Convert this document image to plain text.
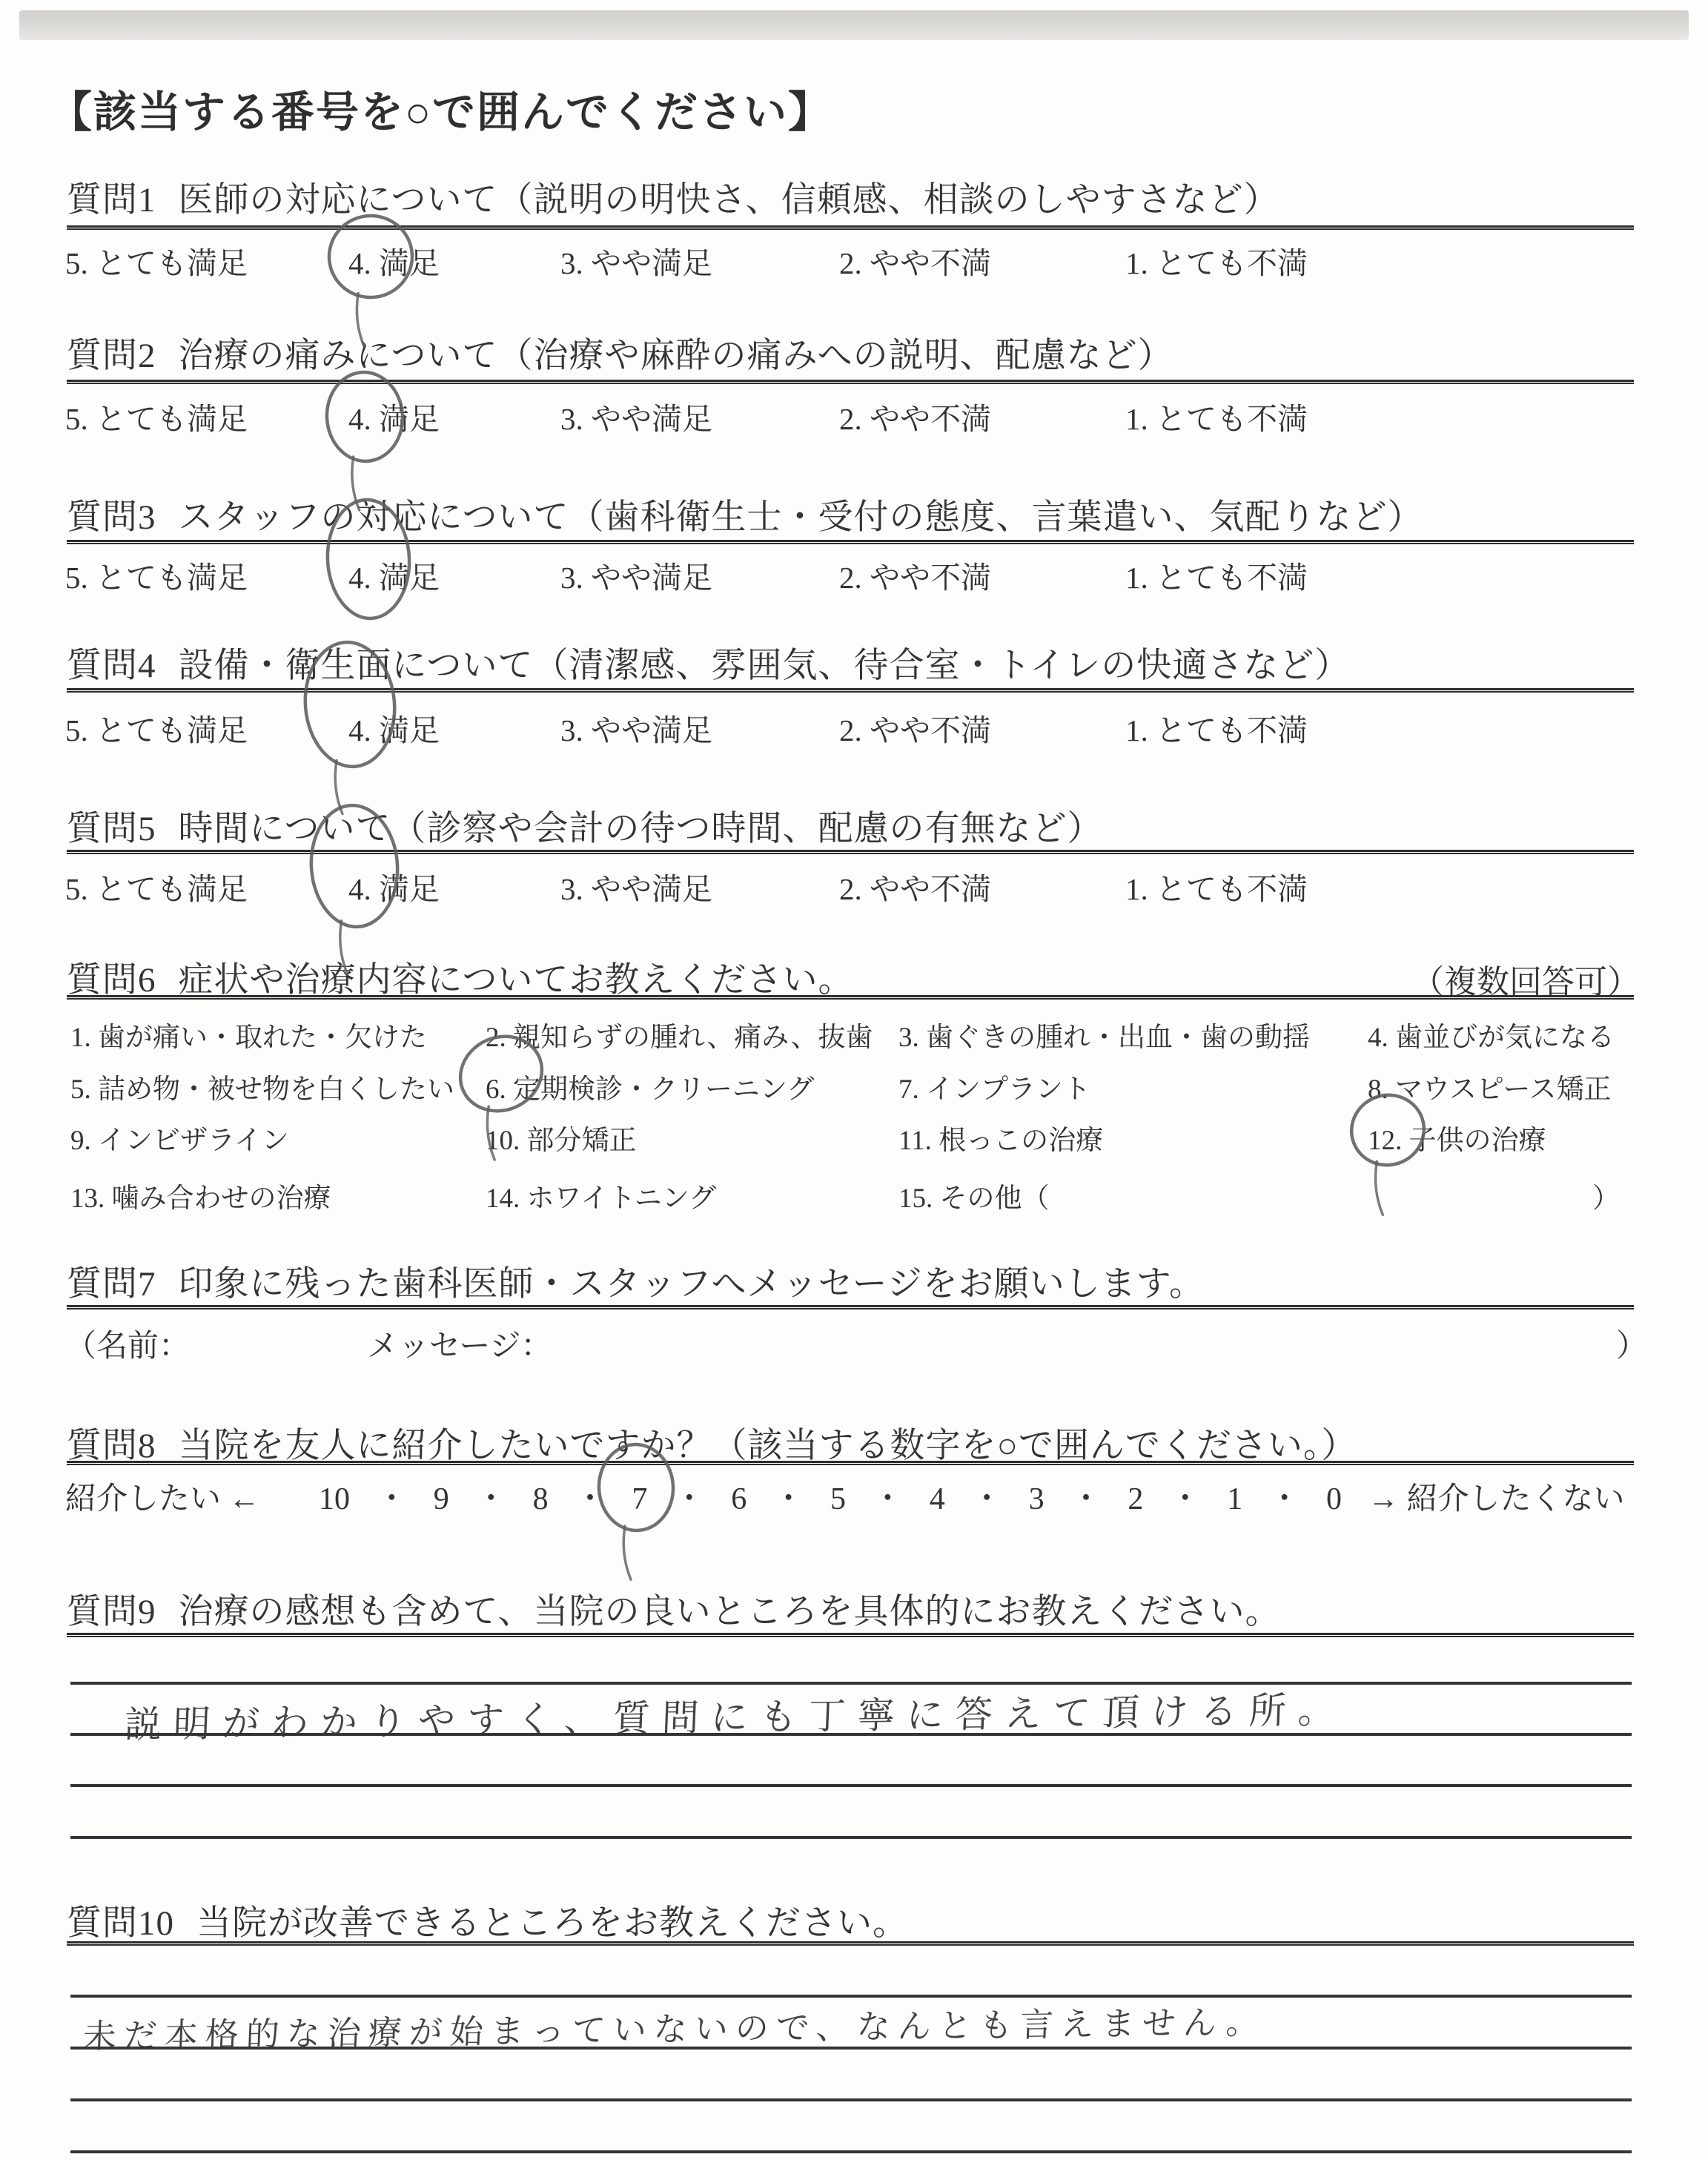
【該当する番号を○で囲んでください】
質問1 医師の対応について（説明の明快さ、信頼感、相談のしやすさなど）
5. とても満足	4. 満足	3. やや満足	2. やや不満	1. とても不満
質問2 治療の痛みについて（治療や麻酔の痛みへの説明、配慮など）
5. とても満足	4. 満足	3. やや満足	2. やや不満	1. とても不満
質問3 スタッフの対応について（歯科衛生士・受付の態度、言葉遣い、気配りなど）
5. とても満足	4. 満足	3. やや満足	2. やや不満	1. とても不満
質問4 設備・衛生面について（清潔感、雰囲気、待合室・トイレの快適さなど）
5. とても満足	4. 満足	3. やや満足	2. やや不満	1. とても不満
質問5 時間について（診察や会計の待つ時間、配慮の有無など）
5. とても満足	4. 満足	3. やや満足	2. やや不満	1. とても不満
質問6 症状や治療内容についてお教えください。	（複数回答可）
1. 歯が痛い・取れた・欠けた 2. 親知らずの腫れ、痛み、抜歯 3. 歯ぐきの腫れ・出血・歯の動揺 4. 歯並びが気になる
5. 詰め物・被せ物を白くしたい 6. 定期検診・クリーニング	7. インプラント	8. マウスピース矯正
9. インビザライン	10. 部分矯正	11. 根っこの治療	12. 子供の治療
13. 噛み合わせの治療	14. ホワイトニング	15. その他（	）
質問7 印象に残った歯科医師・スタッフへメッセージをお願いします。
（名前：	メッセージ：	）
質問8 当院を友人に紹介したいですか？（該当する数字を○で囲んでください。）
紹介したい ← 10 ・ 9 ・ 8 ・ 7 ・ 6 ・ 5 ・ 4 ・ 3 ・ 2 ・ 1 ・ 0 → 紹介したくない
質問9 治療の感想も含めて、当院の良いところを具体的にお教えください。
説明がわかりやすく、質問にも丁寧に答えて頂ける所。
質問10 当院が改善できるところをお教えください。
未だ本格的な治療が始まっていないので、なんとも言えません。
